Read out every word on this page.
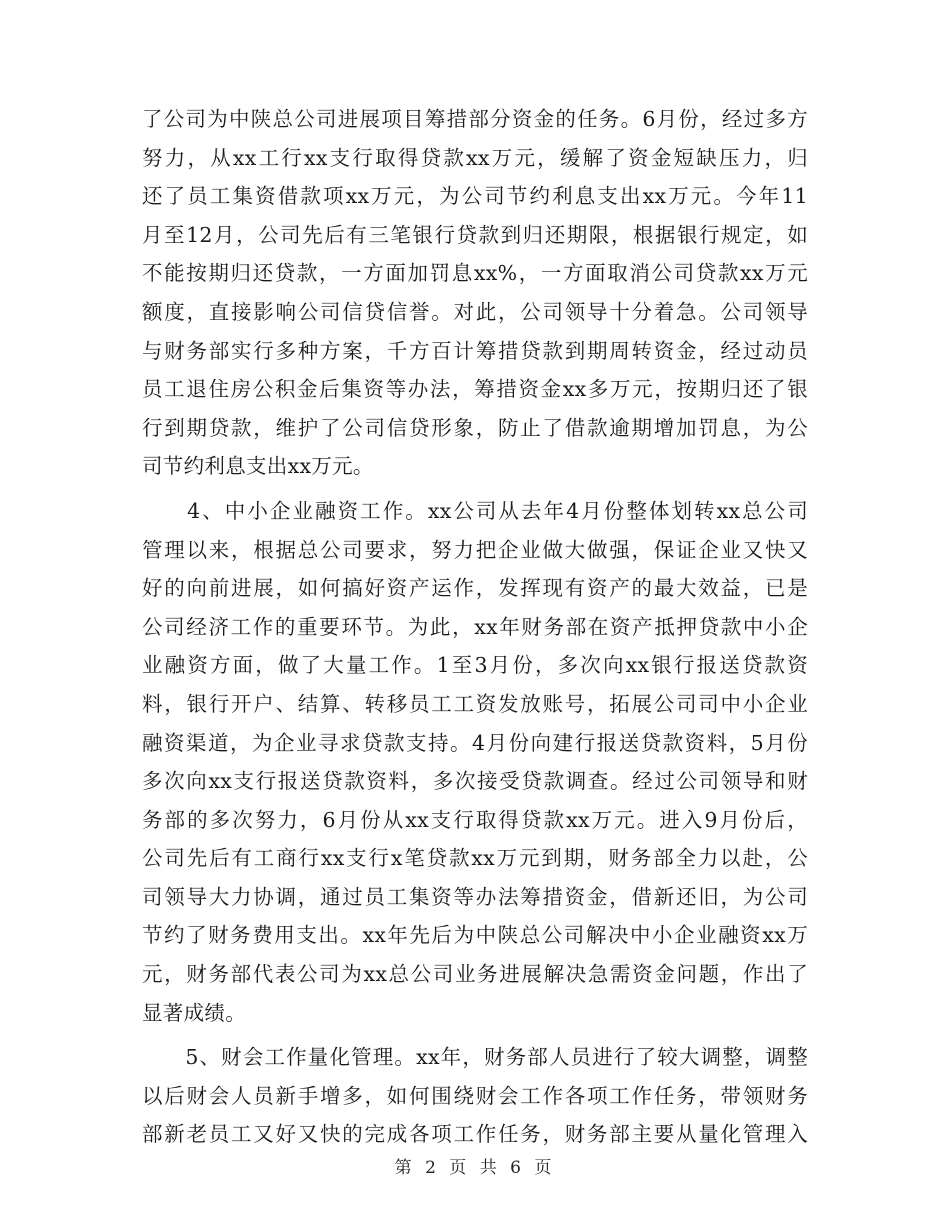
了公司为中陕总公司进展项目筹措部分资金的任务。6月份，经过多方
努力，从xx工行xx支行取得贷款xx万元，缓解了资金短缺压力，归
还了员工集资借款项xx万元，为公司节约利息支出xx万元。今年11
月至12月，公司先后有三笔银行贷款到归还期限，根据银行规定，如
不能按期归还贷款，一方面加罚息xx%，一方面取消公司贷款xx万元
额度，直接影响公司信贷信誉。对此，公司领导十分着急。公司领导
与财务部实行多种方案，千方百计筹措贷款到期周转资金，经过动员
员工退住房公积金后集资等办法，筹措资金xx多万元，按期归还了银
行到期贷款，维护了公司信贷形象，防止了借款逾期增加罚息，为公
司节约利息支出xx万元。
　　4、中小企业融资工作。xx公司从去年4月份整体划转xx总公司
管理以来，根据总公司要求，努力把企业做大做强，保证企业又快又
好的向前进展，如何搞好资产运作，发挥现有资产的最大效益，已是
公司经济工作的重要环节。为此，xx年财务部在资产抵押贷款中小企
业融资方面，做了大量工作。1至3月份，多次向xx银行报送贷款资
料，银行开户、结算、转移员工工资发放账号，拓展公司司中小企业
融资渠道，为企业寻求贷款支持。4月份向建行报送贷款资料，5月份
多次向xx支行报送贷款资料，多次接受贷款调查。经过公司领导和财
务部的多次努力，6月份从xx支行取得贷款xx万元。进入9月份后，
公司先后有工商行xx支行x笔贷款xx万元到期，财务部全力以赴，公
司领导大力协调，通过员工集资等办法筹措资金，借新还旧，为公司
节约了财务费用支出。xx年先后为中陕总公司解决中小企业融资xx万
元，财务部代表公司为xx总公司业务进展解决急需资金问题，作出了
显著成绩。
　　5、财会工作量化管理。xx年，财务部人员进行了较大调整，调整
以后财会人员新手增多，如何围绕财会工作各项工作任务，带领财务
部新老员工又好又快的完成各项工作任务，财务部主要从量化管理入
第 2 页 共 6 页
